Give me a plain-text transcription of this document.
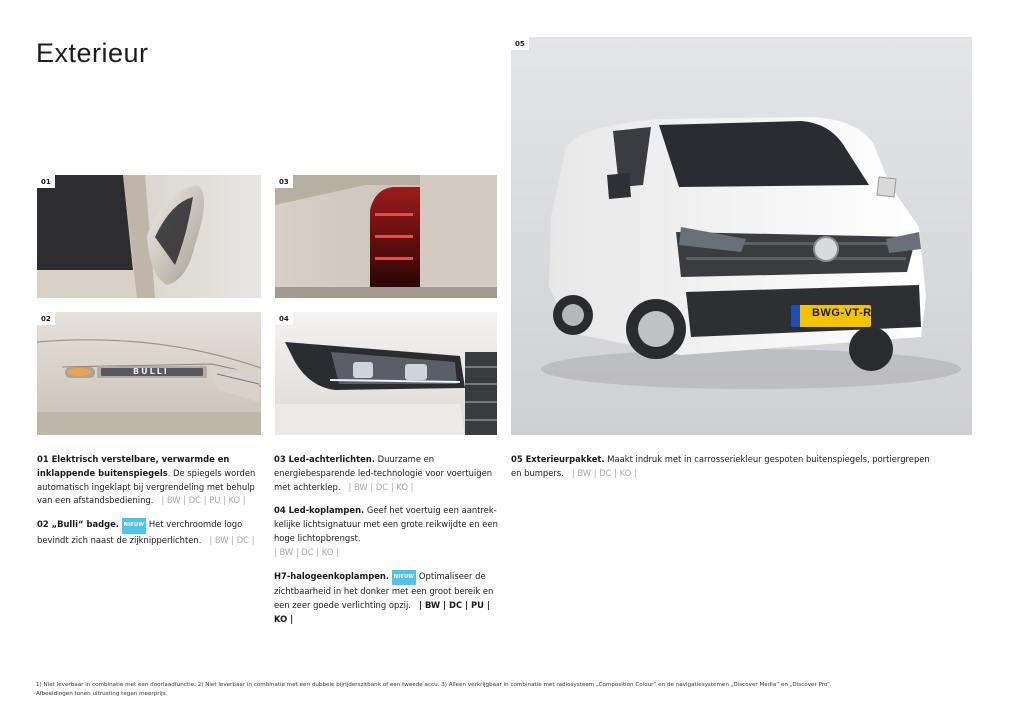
Exterieur
01	03
BULLI
02	04	BWG-VT-R
05

01 Elektrisch verstelbare, verwarmde en inklappende buitenspiegels. De spiegels worden automatisch ingeklapt bij vergrendeling met behulp van een afstandsbediening. | BW | DC | PU | KO |

02 „Bulli“ badge. NIEUW Het verchroomde logo bevindt zich naast de zijknipperlichten. | BW | DC |

03 Led-achterlichten. Duurzame en energiebesparende led-technologie voor voertuigen met achterklep. | BW | DC | KO |

04 Led-koplampen. Geef het voertuig een aantrekkelijke lichtsignatuur met een grote reikwijdte en een hoge lichtopbrengst.
| BW | DC | KO |

H7-halogeenkoplampen. NIEUW Optimaliseer de zichtbaarheid in het donker met een groot bereik en een zeer goede verlichting opzij. | BW | DC | PU | KO |

05 Exterieurpakket. Maakt indruk met in carrosseriekleur gespoten buitenspiegels, portiergrepen en bumpers. | BW | DC | KO |

1) Niet leverbaar in combinatie met een doorlaadfunctie. 2) Niet leverbaar in combinatie met een dubbele bijrijderszitbank of een tweede accu. 3) Alleen verkrijgbaar in combinatie met radiosysteem „Composition Colour“ en de navigatiesystemen „Discover Media“ en „Discover Pro“.
Afbeeldingen tonen uitrusting tegen meerprijs.
